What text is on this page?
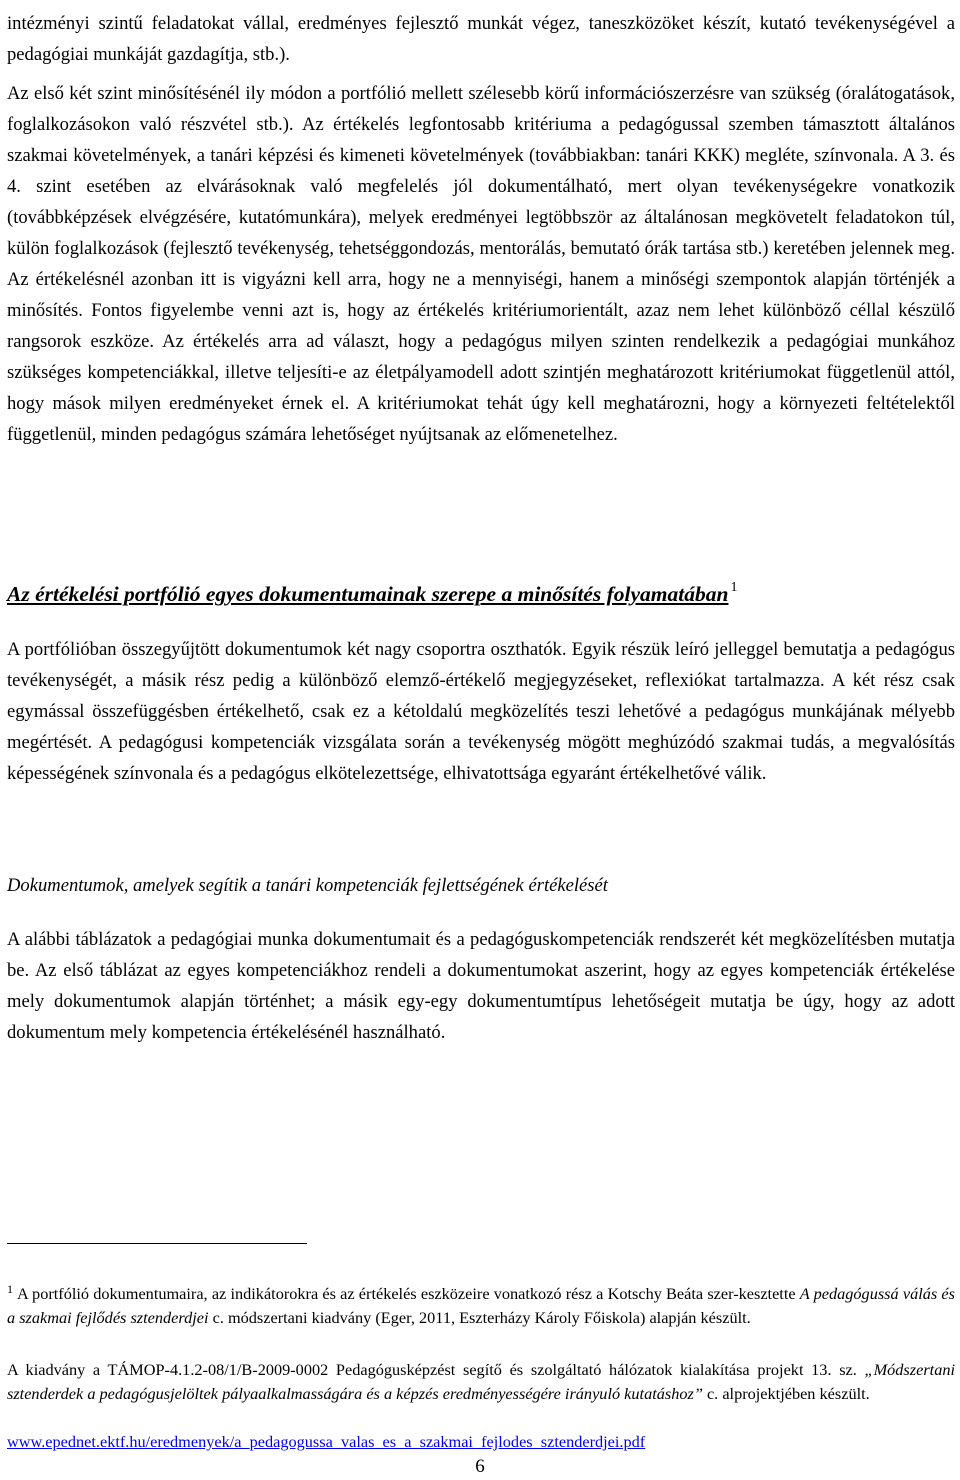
intézményi szintű feladatokat vállal, eredményes fejlesztő munkát végez, taneszközöket készít, kutató tevékenységével a pedagógiai munkáját gazdagítja, stb.).

Az első két szint minősítésénél ily módon a portfólió mellett szélesebb körű információszerzésre van szükség (óralátogatások, foglalkozásokon való részvétel stb.). Az értékelés legfontosabb kritériuma a pedagógussal szemben támasztott általános szakmai követelmények, a tanári képzési és kimeneti követelmények (továbbiakban: tanári KKK) megléte, színvonala. A 3. és 4. szint esetében az elvárásoknak való megfelelés jól dokumentálható, mert olyan tevékenységekre vonatkozik (továbbképzések elvégzésére, kutatómunkára), melyek eredményei legtöbbször az általánosan megkövetelt feladatokon túl, külön foglalkozások (fejlesztő tevékenység, tehetséggondozás, mentorálás, bemutató órák tartása stb.) keretében jelennek meg. Az értékelésnél azonban itt is vigyázni kell arra, hogy ne a mennyiségi, hanem a minőségi szempontok alapján történjék a minősítés. Fontos figyelembe venni azt is, hogy az értékelés kritériumorientált, azaz nem lehet különböző céllal készülő rangsorok eszköze. Az értékelés arra ad választ, hogy a pedagógus milyen szinten rendelkezik a pedagógiai munkához szükséges kompetenciákkal, illetve teljesíti-e az életpályamodell adott szintjén meghatározott kritériumokat függetlenül attól, hogy mások milyen eredményeket érnek el. A kritériumokat tehát úgy kell meghatározni, hogy a környezeti feltételektől függetlenül, minden pedagógus számára lehetőséget nyújtsanak az előmenetelhez.

Az értékelési portfólió egyes dokumentumainak szerepe a minősítés folyamatában $^1$

A portfólióban összegyűjtött dokumentumok két nagy csoportra oszthatók. Egyik részük leíró jelleggel bemutatja a pedagógus tevékenységét, a másik rész pedig a különböző elemző-értékelő megjegyzéseket, reflexiókat tartalmazza. A két rész csak egymással összefüggésben értékelhető, csak ez a kétoldalú megközelítés teszi lehetővé a pedagógus munkájának mélyebb megértését. A pedagógusi kompetenciák vizsgálata során a tevékenység mögött meghúzódó szakmai tudás, a megvalósítás képességének színvonala és a pedagógus elkötelezettsége, elhivatottsága egyaránt értékelhetővé válik.

Dokumentumok, amelyek segítik a tanári kompetenciák fejlettségének értékelését

A alábbi táblázatok a pedagógiai munka dokumentumait és a pedagóguskompetenciák rendszerét két megközelítésben mutatja be. Az első táblázat az egyes kompetenciákhoz rendeli a dokumentumokat aszerint, hogy az egyes kompetenciák értékelése mely dokumentumok alapján történhet; a másik egy-egy dokumentumtípus lehetőségeit mutatja be úgy, hogy az adott dokumentum mely kompetencia értékelésénél használható.

$^1$ A portfólió dokumentumaira, az indikátorokra és az értékelés eszközeire vonatkozó rész a Kotschy Beáta szer-kesztette A pedagógussá válás és a szakmai fejlődés sztenderdjei c. módszertani kiadvány (Eger, 2011, Eszterházy Károly Főiskola) alapján készült.

A kiadvány a TÁMOP-4.1.2-08/1/B-2009-0002 Pedagógusképzést segítő és szolgáltató hálózatok kialakítása projekt 13. sz. „Módszertani sztenderdek a pedagógusjelöltek pályaalkalmasságára és a képzés eredményességére irányuló kutatáshoz” c. alprojektjében készült.

www.epednet.ektf.hu/eredmenyek/a_pedagogussa_valas_es_a_szakmai_fejlodes_sztenderdjei.pdf

6
